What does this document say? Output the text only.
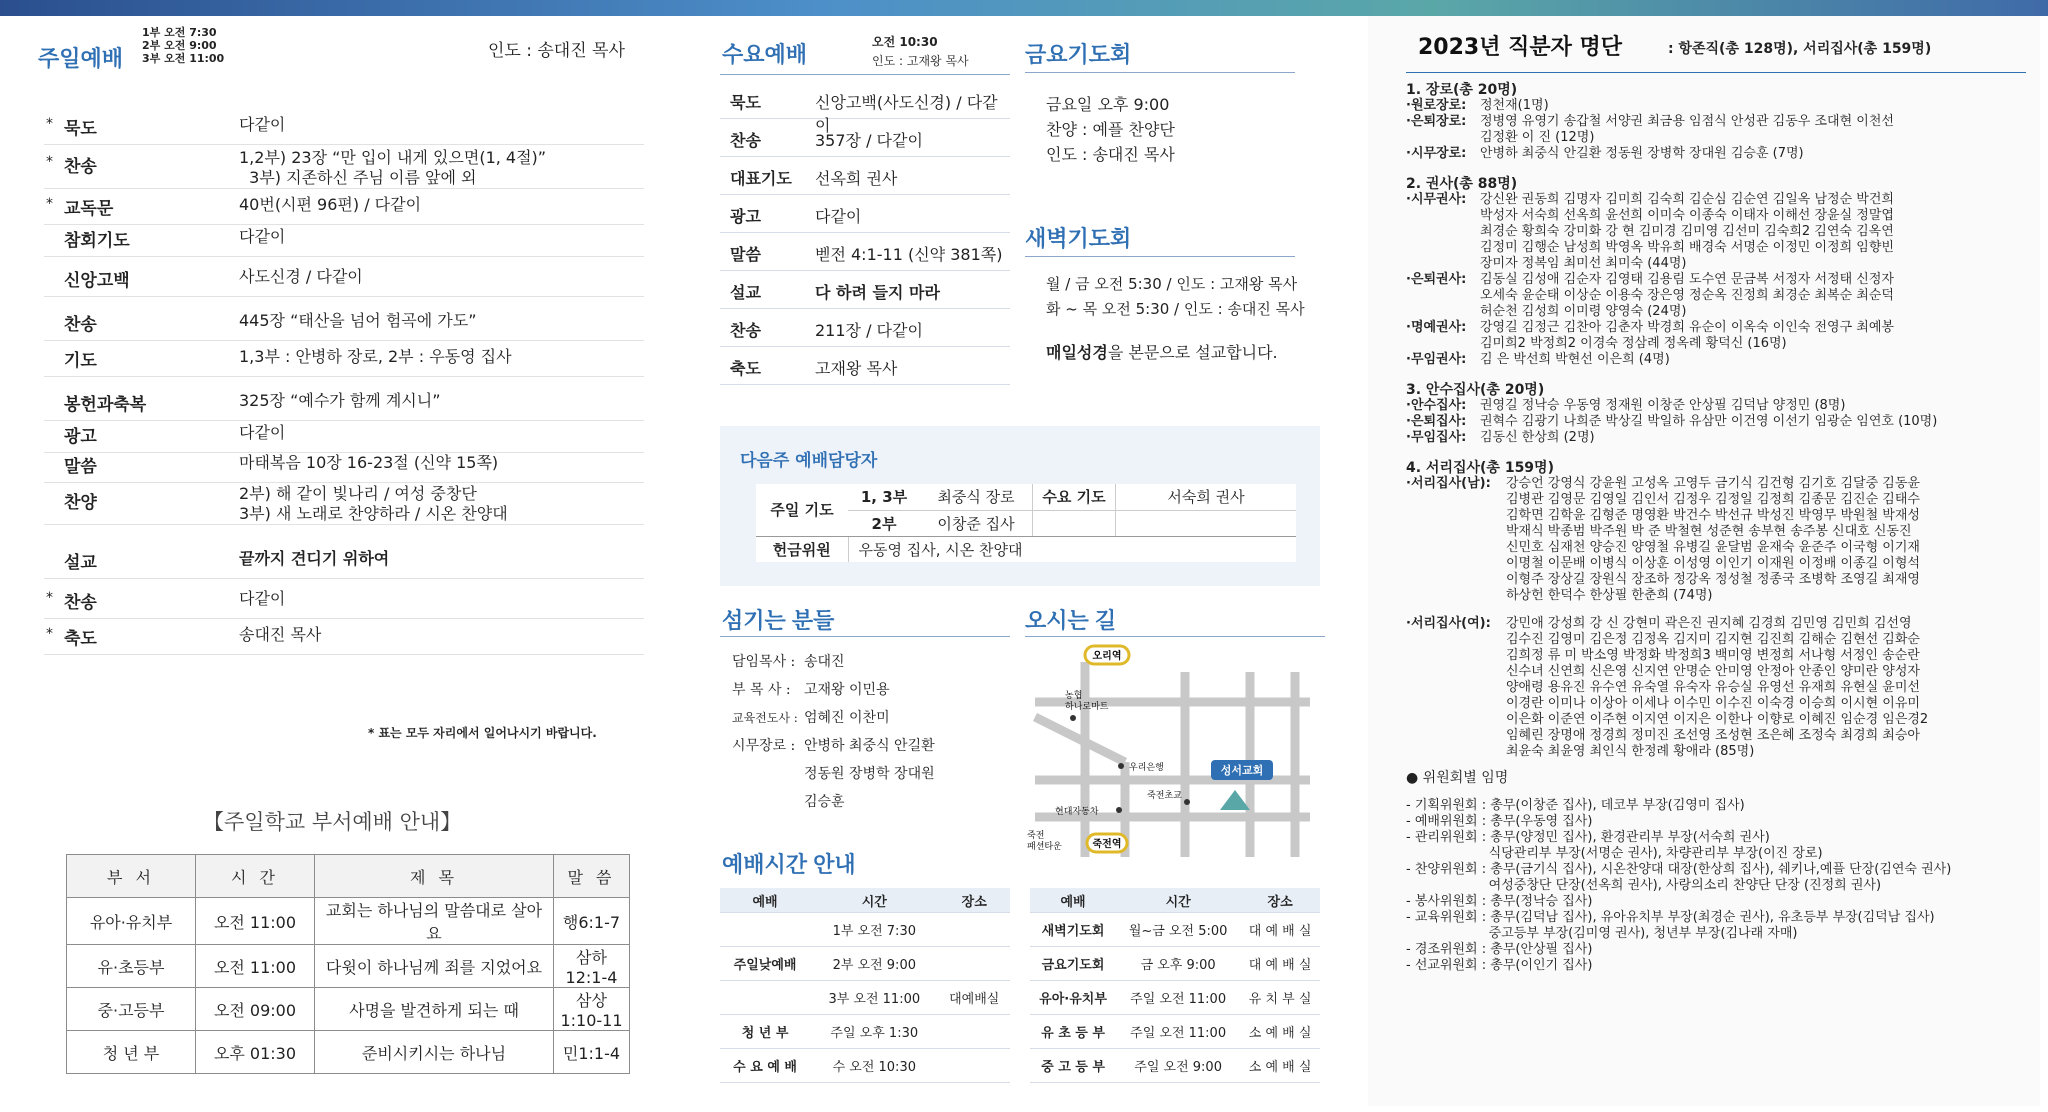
주일예배
1부 오전 7:30
2부 오전 9:00
3부 오전 11:00	인도 : 송대진 목사
* 묵도	다같이
* 찬송	1,2부) 23장 “만 입이 내게 있으면(1, 4절)”
3부) 지존하신 주님 이름 앞에 외
* 교독문	40번(시편 96편) / 다같이
참회기도	다같이
신앙고백	사도신경 / 다같이
찬송	445장 “태산을 넘어 험곡에 가도”
기도	1,3부 : 안병하 장로, 2부 : 우동영 집사
봉헌과축복	325장 “예수가 함께 계시니”
광고	다같이
말씀	마태복음 10장 16-23절 (신약 15쪽)
찬양	2부) 해 같이 빛나리 / 여성 중창단
3부) 새 노래로 찬양하라 / 시온 찬양대
설교	끝까지 견디기 위하여
* 찬송	다같이
* 축도	송대진 목사
* 표는 모두 자리에서 일어나시기 바랍니다.
【주일학교 부서예배 안내】
부 서	시 간	제 목	말 씀
유아·유치부	오전 11:00	교회는 하나님의 말씀대로 살아요	행6:1-7
유·초등부	오전 11:00	다윗이 하나님께 죄를 지었어요	삼하12:1-4
중·고등부	오전 09:00	사명을 발견하게 되는 때	삼상1:10-11
청 년 부	오후 01:30	준비시키시는 하나님	민1:1-4
수요예배	오전 10:30
인도 : 고재왕 목사
묵도	신앙고백(사도신경) / 다같이
찬송	357장 / 다같이
대표기도	선옥희 권사
광고	다같이
말씀	벧전 4:1-11 (신약 381쪽)
설교	다 하려 들지 마라
찬송	211장 / 다같이
축도	고재왕 목사
금요기도회
금요일 오후 9:00
찬양 : 예플 찬양단
인도 : 송대진 목사
새벽기도회
월 / 금 오전 5:30 / 인도 : 고재왕 목사
화 ~ 목 오전 5:30 / 인도 : 송대진 목사
매일성경을 본문으로 설교합니다.
다음주 예배담당자
주일 기도	1, 3부	최중식 장로	수요 기도	서숙희 권사
	2부	이창준 집사		
헌금위원	우동영 집사, 시온 찬양대			
섬기는 분들
담임목사 : 송대진
부 목 사 : 고재왕 이민용
교육전도사 : 엄혜진 이찬미
시무장로 : 안병하 최중식 안길환
정동원 장병학 장대원
김승훈
오시는 길
오리역
농협 하나로마트
우리은행	성서교회
죽전초교
현대자동차
죽전 패션타운	죽전역
예배시간 안내
예배	시간	장소
	1부 오전 7:30	
주일낮예배	2부 오전 9:00	
	3부 오전 11:00	대예배실
청 년 부	주일 오후 1:30	
수 요 예 배	수 오전 10:30	
예배	시간	장소
새벽기도회	월~금 오전 5:00	대 예 배 실
금요기도회	금 오후 9:00	대 예 배 실
유아·유치부	주일 오전 11:00	유 치 부 실
유 초 등 부	주일 오전 11:00	소 예 배 실
중 고 등 부	주일 오전 9:00	소 예 배 실
2023년 직분자 명단	: 항존직(총 128명), 서리집사(총 159명)
1. 장로(총 20명)
·원로장로:	정천재(1명)
·은퇴장로:	정병영 유영기 송갑철 서양권 최금용 임점식 안성관 김동우 조대현 이천선
김정환 이 진 (12명)
·시무장로:	안병하 최중식 안길환 정동원 장병학 장대원 김승훈 (7명)
2. 권사(총 88명)
·시무권사:	강신완 권동희 김명자 김미희 김숙희 김순심 김순연 김일옥 남정순 박건희
박성자 서숙희 선옥희 윤선희 이미숙 이종숙 이태자 이해선 장윤실 정말엽
최경순 황희숙 강미화 강 현 김미경 김미영 김선미 김숙희2 김연숙 김옥연
김정미 김행순 남성희 박영옥 박유희 배경숙 서명순 이정민 이정희 임향빈
장미자 정복임 최미선 최미숙 (44명)
·은퇴권사:	김동실 김성애 김순자 김영태 김용림 도수연 문금복 서정자 서정태 신정자
오세숙 윤순태 이상순 이용숙 장은영 정순옥 진정희 최경순 최복순 최순덕
허순천 김성희 이미령 양영숙 (24명)
·명예권사:	강영길 김정근 김찬아 김춘자 박경희 유순이 이옥숙 이인숙 전영구 최예봉
김미희2 박정희2 이경숙 정삼례 정옥례 황덕신 (16명)
·무임권사:	김 은 박선희 박현선 이은희 (4명)
3. 안수집사(총 20명)
·안수집사:	권영길 정낙승 우동영 정재원 이창준 안상필 김덕남 양정민 (8명)
·은퇴집사:	권혁수 김광기 나희준 박상길 박일하 유삼만 이건영 이선기 임광순 임연호 (10명)
·무임집사:	김동신 한상희 (2명)
4. 서리집사(총 159명)
·서리집사(남):	강승언 강영식 강윤원 고성옥 고영두 금기식 김건형 김기호 김달중 김동윤
김병관 김영문 김영일 김인서 김정우 김정일 김정희 김종문 김진순 김태수
김학면 김학윤 김형준 명영환 박건수 박선규 박성진 박영무 박원철 박재성
박재식 박종범 박주원 박 준 박철현 성준현 송부현 송주봉 신대호 신동진
신민호 심재천 양승진 양영철 유병길 윤달범 윤재숙 윤준주 이국형 이기재
이명철 이문배 이병식 이상훈 이성영 이인기 이재원 이정배 이종길 이형석
이형주 장상길 장원식 장조하 정강옥 정성철 정종국 조병학 조영길 최재영
하상헌 한덕수 한상필 한춘희 (74명)
·서리집사(여):	강민애 강성희 강 신 강현미 곽은진 권지혜 김경희 김민영 김민희 김선영
김수진 김영미 김은정 김정옥 김지미 김지현 김진희 김해순 김현선 김화순
김희정 류 미 박소영 박정화 박정희3 백미영 변정희 서나형 서정인 송순란
신수녀 신연희 신은영 신지연 안명순 안미영 안정아 안종인 양미란 양성자
양애령 용유진 유수연 유숙열 유숙자 유승실 유영선 유재희 유현실 윤미선
이경란 이미나 이상아 이세나 이수민 이수진 이숙경 이승희 이시현 이유미
이은화 이준연 이주현 이지연 이지은 이한나 이향로 이혜진 임순경 임은경2
임혜린 장명애 정경희 정미진 조선영 조성현 조은혜 조정숙 최경희 최승아
최윤숙 최윤영 최인식 한정례 황애라 (85명)
● 위원회별 임명
- 기획위원회 : 총무(이창준 집사), 데코부 부장(김영미 집사)
- 예배위원회 : 총무(우동영 집사)
- 관리위원회 : 총무(양정민 집사), 환경관리부 부장(서숙희 권사)
식당관리부 부장(서명순 권사), 차량관리부 부장(이진 장로)
- 찬양위원회 : 총무(금기식 집사), 시온찬양대 대장(한상희 집사), 쉐키나,예플 단장(김연숙 권사)
여성중창단 단장(선옥희 권사), 사랑의소리 찬양단 단장 (진정희 권사)
- 봉사위원회 : 총무(정낙승 집사)
- 교육위원회 : 총무(김덕남 집사), 유아유치부 부장(최경순 권사), 유초등부 부장(김덕남 집사)
중고등부 부장(김미영 권사), 청년부 부장(김나래 자매)
- 경조위원회 : 총무(안상필 집사)
- 선교위원회 : 총무(이인기 집사)
